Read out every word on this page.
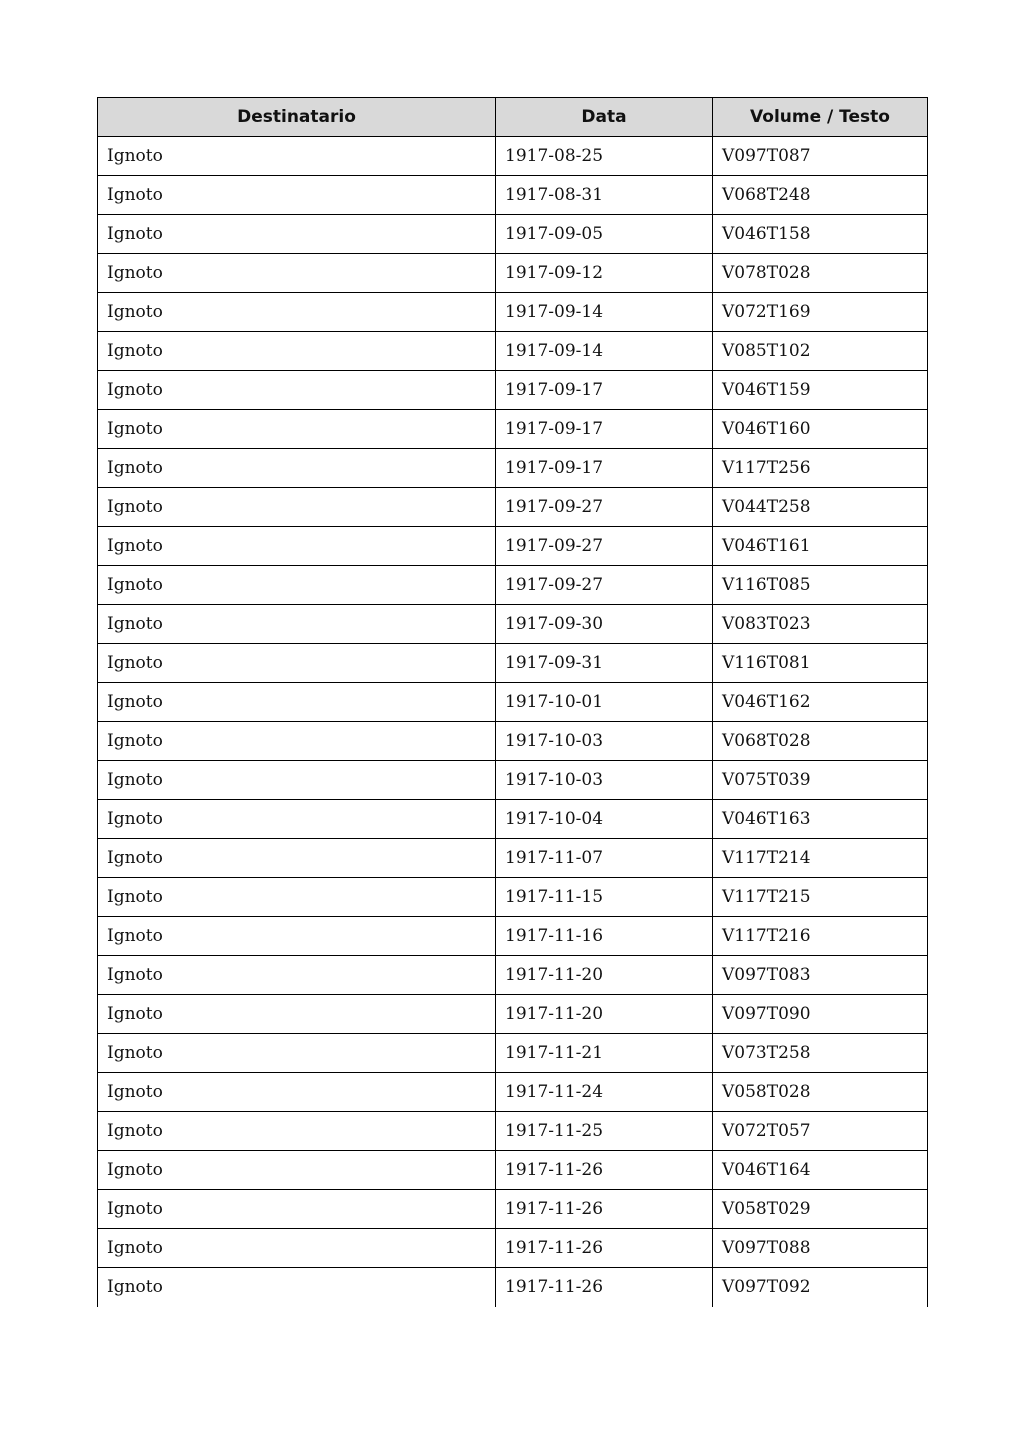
Destinatario	Data	Volume / Testo
Ignoto	1917-08-25	V097T087
Ignoto	1917-08-31	V068T248
Ignoto	1917-09-05	V046T158
Ignoto	1917-09-12	V078T028
Ignoto	1917-09-14	V072T169
Ignoto	1917-09-14	V085T102
Ignoto	1917-09-17	V046T159
Ignoto	1917-09-17	V046T160
Ignoto	1917-09-17	V117T256
Ignoto	1917-09-27	V044T258
Ignoto	1917-09-27	V046T161
Ignoto	1917-09-27	V116T085
Ignoto	1917-09-30	V083T023
Ignoto	1917-09-31	V116T081
Ignoto	1917-10-01	V046T162
Ignoto	1917-10-03	V068T028
Ignoto	1917-10-03	V075T039
Ignoto	1917-10-04	V046T163
Ignoto	1917-11-07	V117T214
Ignoto	1917-11-15	V117T215
Ignoto	1917-11-16	V117T216
Ignoto	1917-11-20	V097T083
Ignoto	1917-11-20	V097T090
Ignoto	1917-11-21	V073T258
Ignoto	1917-11-24	V058T028
Ignoto	1917-11-25	V072T057
Ignoto	1917-11-26	V046T164
Ignoto	1917-11-26	V058T029
Ignoto	1917-11-26	V097T088
Ignoto	1917-11-26	V097T092
